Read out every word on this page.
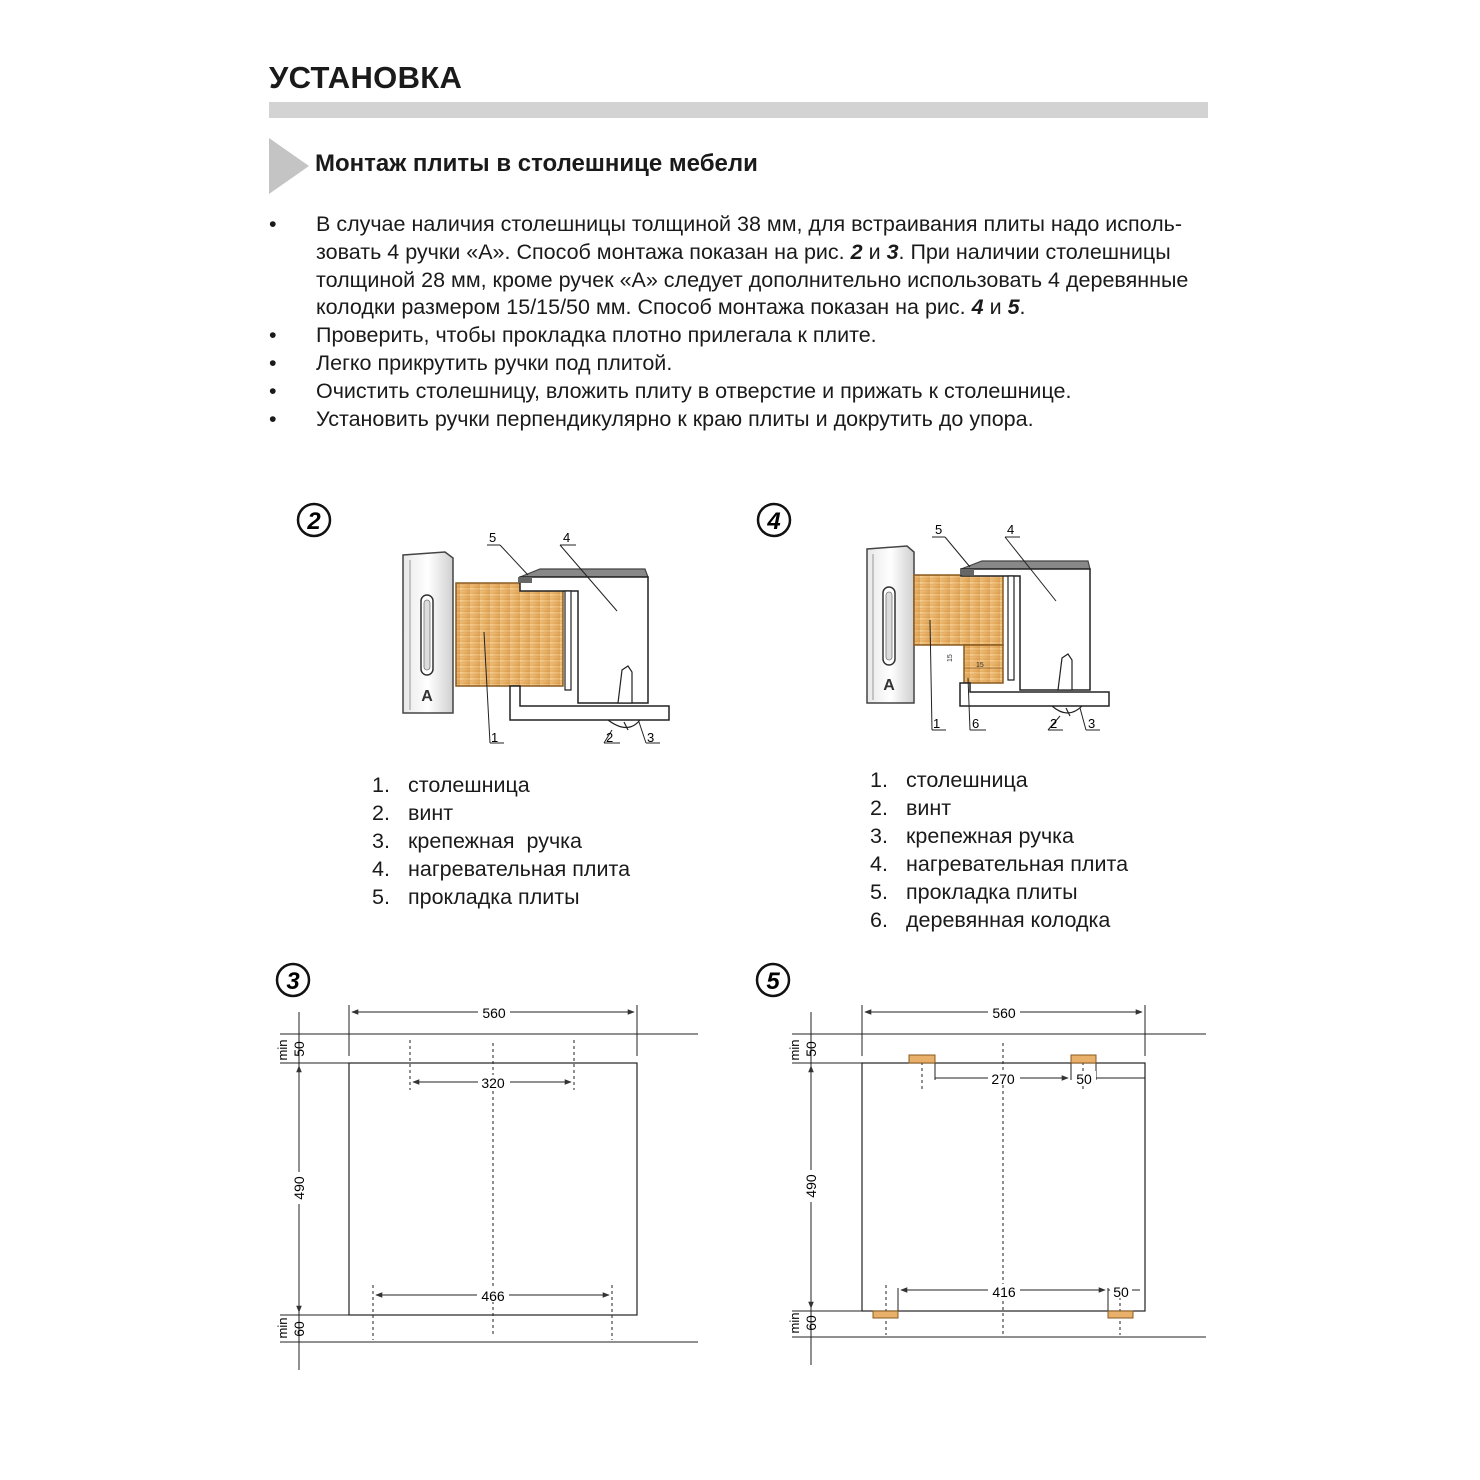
УСТАНОВКА
Монтаж плиты в столешнице мебели
• В случае наличия столешницы толщиной 38 мм, для встраивания плиты надо исполь-
зовать 4 ручки «А». Способ монтажа показан на рис. 2 и 3. При наличии столешницы
толщиной 28 мм, кроме ручек «А» следует дополнительно использовать 4 деревянные
колодки размером 15/15/50 мм. Способ монтажа показан на рис. 4 и 5.
• Проверить, чтобы прокладка плотно прилегала к плите.
• Легко прикрутить ручки под плитой.
• Очистить столешницу, вложить плиту в отверстие и прижать к столешнице.
• Установить ручки перпендикулярно к краю плиты и докрутить до упора.
2
A
1	2	3
4
5
4
A
15
15
1	2 3
4
5
6
3
560
320
466
490
50
min
60
min
5
560
270	50
416	50
490
50
min
60
min
1. столешница
2. винт
3. крепежная  ручка
4. нагревательная плита
5. прокладка плиты
1. столешница
2. винт
3. крепежная ручка
4. нагревательная плита
5. прокладка плиты
6. деревянная колодка
